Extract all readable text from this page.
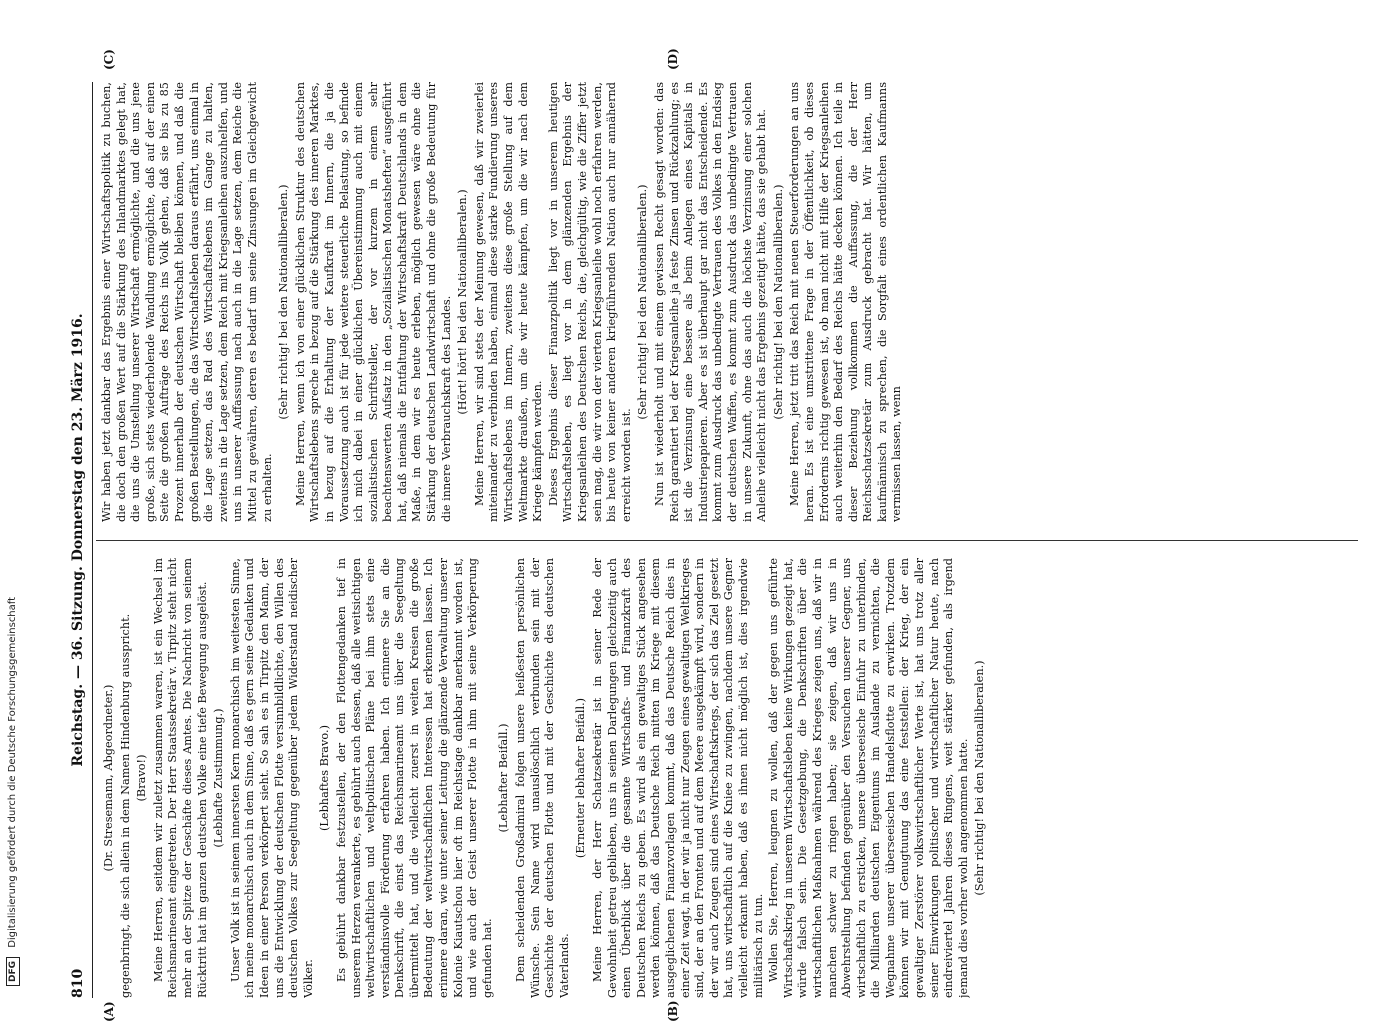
810
Reichstag. — 36. Sitzung. Donnerstag den 23. März 1916.
(A)	(B)
(C)	(D)

(Dr. Stresemann, Abgeordneter.) gegenbringt, die sich allein in dem Namen Hindenburg ausspricht. (Bravo!) Meine Herren, seitdem wir zuletzt zusammen waren, ist ein Wechsel im Reichsmarineamt eingetreten. Der Herr Staatssekretär v. Tirpitz steht nicht mehr an der Spitze der Geschäfte dieses Amtes. Die Nachricht von seinem Rücktritt hat im ganzen deutschen Volke eine tiefe Bewegung ausgelöst. (Lebhafte Zustimmung.) Unser Volk ist in seinem innersten Kern monarchisch im weitesten Sinne, ich meine monarchisch auch in dem Sinne, daß es gern seine Gedanken und Ideen in einer Person verkörpert sieht. So sah es in Tirpitz den Mann, der uns die Entwicklung der deutschen Flotte versinnbildlichte, den Willen des deutschen Volkes zur Seegeltung gegenüber jedem Widerstand neidischer Völker.

(Lebhaftes Bravo.) Es gebührt dankbar festzustellen, der den Flottengedanken tief in unserem Herzen verankerte, es gebührt auch dessen, daß alle weitsichtigen weltwirtschaftlichen und weltpolitischen Pläne bei ihm stets eine verständnisvolle Förderung erfahren haben. Ich erinnere Sie an die Denkschrift, die einst das Reichsmarineamt uns über die Seegeltung übermittelt hat, und die vielleicht zuerst in weiten Kreisen die große Bedeutung der weltwirtschaftlichen Interessen hat erkennen lassen. Ich erinnere daran, wie unter seiner Leitung die glänzende Verwaltung unserer Kolonie Kiautschou hier oft im Reichstage dankbar anerkannt worden ist, und wie auch der Geist unserer Flotte in ihm mit seine Verkörperung gefunden hat.

(Lebhafter Beifall.) Dem scheidenden Großadmiral folgen unsere heißesten persönlichen Wünsche. Sein Name wird unauslöschlich verbunden sein mit der Geschichte der deutschen Flotte und mit der Geschichte des deutschen Vaterlands.

(Erneuter lebhafter Beifall.) Meine Herren, der Herr Schatzsekretär ist in seiner Rede der Gewohnheit getreu geblieben, uns in seinen Darlegungen gleichzeitig auch einen Überblick über die gesamte Wirtschafts- und Finanzkraft des Deutschen Reichs zu geben. Es wird als ein gewaltiges Stück angesehen werden können, daß das Deutsche Reich mitten im Kriege mit diesem ausgeglichenen Finanzvorlagen kommt, daß das Deutsche Reich dies in einer Zeit wagt, in der wir ja nicht nur Zeugen eines gewaltigen Weltkrieges sind, der an den Fronten und auf dem Meere ausgekämpft wird, sondern in der wir auch Zeugen sind eines Wirtschaftskriegs, der sich das Ziel gesetzt hat, uns wirtschaftlich auf die Kniee zu zwingen, nachdem unsere Gegner vielleicht erkannt haben, daß es ihnen nicht möglich ist, dies irgendwie militärisch zu tun. Wollen Sie, Herren, leugnen zu wollen, daß der gegen uns geführte Wirtschaftskrieg in unserem Wirtschaftsleben keine Wirkungen gezeigt hat, würde falsch sein. Die Gesetzgebung, die Denkschriften über die wirtschaftlichen Maßnahmen während des Krieges zeigen uns, daß wir in manchen schwer zu ringen haben; sie zeigen, daß wir uns in Abwehrstellung befinden gegenüber den Versuchen unserer Gegner, uns wirtschaftlich zu ersticken, unsere überseeische Einfuhr zu unterbinden, die Milliarden deutschen Eigentums im Auslande zu vernichten, die Wegnahme unserer überseeischen Handelsflotte zu erwirken. Trotzdem können wir mit Genugtuung das eine feststellen: der Krieg, der ein gewaltiger Zerstörer volkswirtschaftlicher Werte ist, hat uns trotz aller seiner Einwirkungen politischer und wirtschaftlicher Natur heute, nach eindreiviertel Jahren dieses Ringens, weit stärker gefunden, als irgend jemand dies vorher wohl angenommen hatte. (Sehr richtig! bei den Nationalliberalen.)

Wir haben jetzt dankbar das Ergebnis einer Wirtschaftspolitik zu buchen, die doch den großen Wert auf die Stärkung des Inlandmarktes gelegt hat, die uns die Umstellung unserer Wirtschaft ermöglichte, und die uns jene große, sich stets wiederholende Wandlung ermöglichte, daß auf der einen Seite die großen Aufträge des Reichs ins Volk gehen, daß sie bis zu 85 Prozent innerhalb der deutschen Wirtschaft bleiben können, und daß die großen Bestellungen, die das Wirtschaftsleben daraus erfährt, uns einmal in die Lage setzen, das Rad des Wirtschaftslebens im Gange zu halten, zweitens in die Lage setzen, dem Reich mit Kriegsanleihen auszuhelfen, und uns in unserer Auffassung nach auch in die Lage setzen, dem Reiche die Mittel zu gewähren, deren es bedarf um seine Zinsungen im Gleichgewicht zu erhalten.

(Sehr richtig! bei den Nationalliberalen.) Meine Herren, wenn ich von einer glücklichen Struktur des deutschen Wirtschaftslebens spreche in bezug auf die Stärkung des inneren Marktes, in bezug auf die Erhaltung der Kaufkraft im Innern, die ja die Voraussetzung auch ist für jede weitere steuerliche Belastung, so befinde ich mich dabei in einer glücklichen Übereinstimmung auch mit einem sozialistischen Schriftsteller, der vor kurzem in einem sehr beachtenswerten Aufsatz in den „Sozialistischen Monatsheften“ ausgeführt hat, daß niemals die Entfaltung der Wirtschaftskraft Deutschlands in dem Maße, in dem wir es heute erleben, möglich gewesen wäre ohne die Stärkung der deutschen Landwirtschaft und ohne die große Bedeutung für die innere Verbrauchskraft des Landes. (Hört! hört! bei den Nationalliberalen.) Meine Herren, wir sind stets der Meinung gewesen, daß wir zweierlei miteinander zu verbinden haben, einmal diese starke Fundierung unseres Wirtschaftslebens im Innern, zweitens diese große Stellung auf dem Weltmarkte draußen, um die wir heute kämpfen, um die wir nach dem Kriege kämpfen werden. Dieses Ergebnis dieser Finanzpolitik liegt vor in unserem heutigen Wirtschaftsleben, es liegt vor in dem glänzenden Ergebnis der Kriegsanleihen des Deutschen Reichs, die, gleichgültig, wie die Ziffer jetzt sein mag, die wir von der vierten Kriegsanleihe wohl noch erfahren werden, bis heute von keiner anderen kriegführenden Nation auch nur annähernd erreicht worden ist.

(Sehr richtig! bei den Nationalliberalen.) Nun ist wiederholt und mit einem gewissen Recht gesagt worden: das Reich garantiert bei der Kriegsanleihe ja feste Zinsen und Rückzahlung; es ist die Verzinsung eine bessere als beim Anlegen eines Kapitals in Industriepapieren. Aber es ist überhaupt gar nicht das Entscheidende. Es kommt zum Ausdruck das unbedingte Vertrauen des Volkes in den Endsieg der deutschen Waffen, es kommt zum Ausdruck das unbedingte Vertrauen in unsere Zukunft, ohne das auch die höchste Verzinsung einer solchen Anleihe vielleicht nicht das Ergebnis gezeitigt hätte, das sie gehabt hat. (Sehr richtig! bei den Nationalliberalen.) Meine Herren, jetzt tritt das Reich mit neuen Steuerforderungen an uns heran. Es ist eine umstrittene Frage in der Öffentlichkeit, ob dieses Erfordernis richtig gewesen ist, ob man nicht mit Hilfe der Kriegsanleihen auch weiterhin den Bedarf des Reichs hätte decken können. Ich teile in dieser Beziehung vollkommen die Auffassung, die der Herr Reichsschatzsekretär zum Ausdruck gebracht hat. Wir hätten, um kaufmännisch zu sprechen, die Sorgfalt eines ordentlichen Kaufmanns vermissen lassen, wenn

DFG Digitalisierung gefördert durch die Deutsche Forschungsgemeinschaft
